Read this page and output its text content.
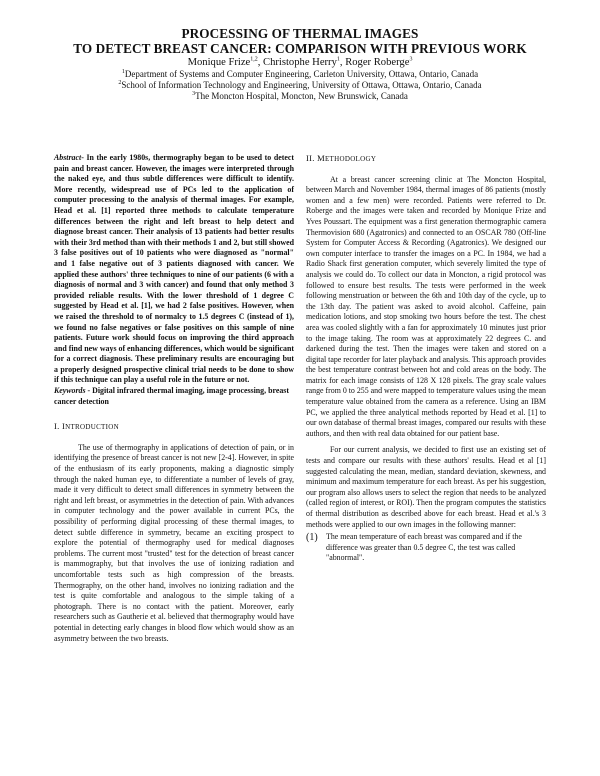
PROCESSING OF THERMAL IMAGES
TO DETECT BREAST CANCER: COMPARISON WITH PREVIOUS WORK
Monique Frize$^{1,2}$, Christophe Herry$^1$, Roger Roberge$^3$
$^1$Department of Systems and Computer Engineering, Carleton University, Ottawa, Ontario, Canada
$^2$School of Information Technology and Engineering, University of Ottawa, Ottawa, Ontario, Canada
$^3$The Moncton Hospital, Moncton, New Brunswick, Canada

Abstract- In the early 1980s, thermography began to be used to detect pain and breast cancer. However, the images were interpreted through the naked eye, and thus subtle differences were difficult to identify. More recently, widespread use of PCs led to the application of computer processing to the analysis of thermal images. For example, Head et al. [1] reported three methods to calculate temperature differences between the right and left breast to help detect and diagnose breast cancer. Their analysis of 13 patients had better results with their 3rd method than with their methods 1 and 2, but still showed 3 false positives out of 10 patients who were diagnosed as "normal" and 1 false negative out of 3 patients diagnosed with cancer. We applied these authors' three techniques to nine of our patients (6 with a diagnosis of normal and 3 with cancer) and found that only method 3 provided reliable results. With the lower threshold of 1 degree C suggested by Head et al. [1], we had 2 false positives. However, when we raised the threshold to of normalcy to 1.5 degrees C (instead of 1), we found no false negatives or false positives on this sample of nine patients. Future work should focus on improving the third approach and find new ways of enhancing differences, which would be significant for a correct diagnosis. These preliminary results are encouraging but a properly designed prospective clinical trial needs to be done to show if this technique can play a useful role in the future or not.

Keywords - Digital infrared thermal imaging, image processing, breast cancer detection

I. INTRODUCTION

The use of thermography in applications of detection of pain, or in identifying the presence of breast cancer is not new [2-4]. However, in spite of the enthusiasm of its early proponents, making a diagnostic simply through the naked human eye, to differentiate a number of levels of gray, made it very difficult to detect small differences in symmetry between the right and left breast, or asymmetries in the detection of pain. With advances in computer technology and the power available in current PCs, the possibility of performing digital processing of these thermal images, to detect subtle difference in symmetry, became an exciting prospect to explore the potential of thermography used for medical diagnoses problems. The current most "trusted" test for the detection of breast cancer is mammography, but that involves the use of ionizing radiation and uncomfortable tests such as high compression of the breasts. Thermography, on the other hand, involves no ionizing radiation and the test is quite comfortable and analogous to the simple taking of a photograph. There is no contact with the patient. Moreover, early researchers such as Gautherie et al. believed that thermography would have potential in detecting early changes in blood flow which would show as an asymmetry between the two breasts.

II. METHODOLOGY

At a breast cancer screening clinic at The Moncton Hospital, between March and November 1984, thermal images of 86 patients (mostly women and a few men) were recorded. Patients were referred to Dr. Roberge and the images were taken and recorded by Monique Frize and Yves Poussart. The equipment was a first generation thermographic camera Thermovision 680 (Agatronics) and connected to an OSCAR 780 (Off-line System for Computer Access & Recording (Agatronics). We designed our own computer interface to transfer the images on a PC. In 1984, we had a Radio Shack first generation computer, which severely limited the type of analysis we could do. To collect our data in Moncton, a rigid protocol was followed to ensure best results. The tests were performed in the week following menstruation or between the 6th and 10th day of the cycle, up to the 13th day. The patient was asked to avoid alcohol. Caffeine, pain medication lotions, and stop smoking two hours before the test. The chest area was cooled slightly with a fan for approximately 10 minutes just prior to the image taking. The room was at approximately 22 degrees C. and darkened during the test. Then the images were taken and stored on a digital tape recorder for later playback and analysis. This approach provides the best temperature contrast between hot and cold areas on the body. The matrix for each image consists of 128 X 128 pixels. The gray scale values range from 0 to 255 and were mapped to temperature values using the mean temperature value obtained from the camera as a reference. Using an IBM PC, we applied the three analytical methods reported by Head et al. [1] to our own database of thermal breast images, compared our results with these authors, and then with real data obtained for our patient base.

For our current analysis, we decided to first use an existing set of tests and compare our results with these authors' results. Head et al [1] suggested calculating the mean, median, standard deviation, skewness, and minimum and maximum temperature for each breast. As per his suggestion, our program also allows users to select the region that needs to be analyzed (called region of interest, or ROI). Then the program computes the statistics of thermal distribution as described above for each breast. Head et al.'s 3 methods were applied to our own images in the following manner:

(1)	The mean temperature of each breast was compared and if the difference was greater than 0.5 degree C, the test was called "abnormal".
